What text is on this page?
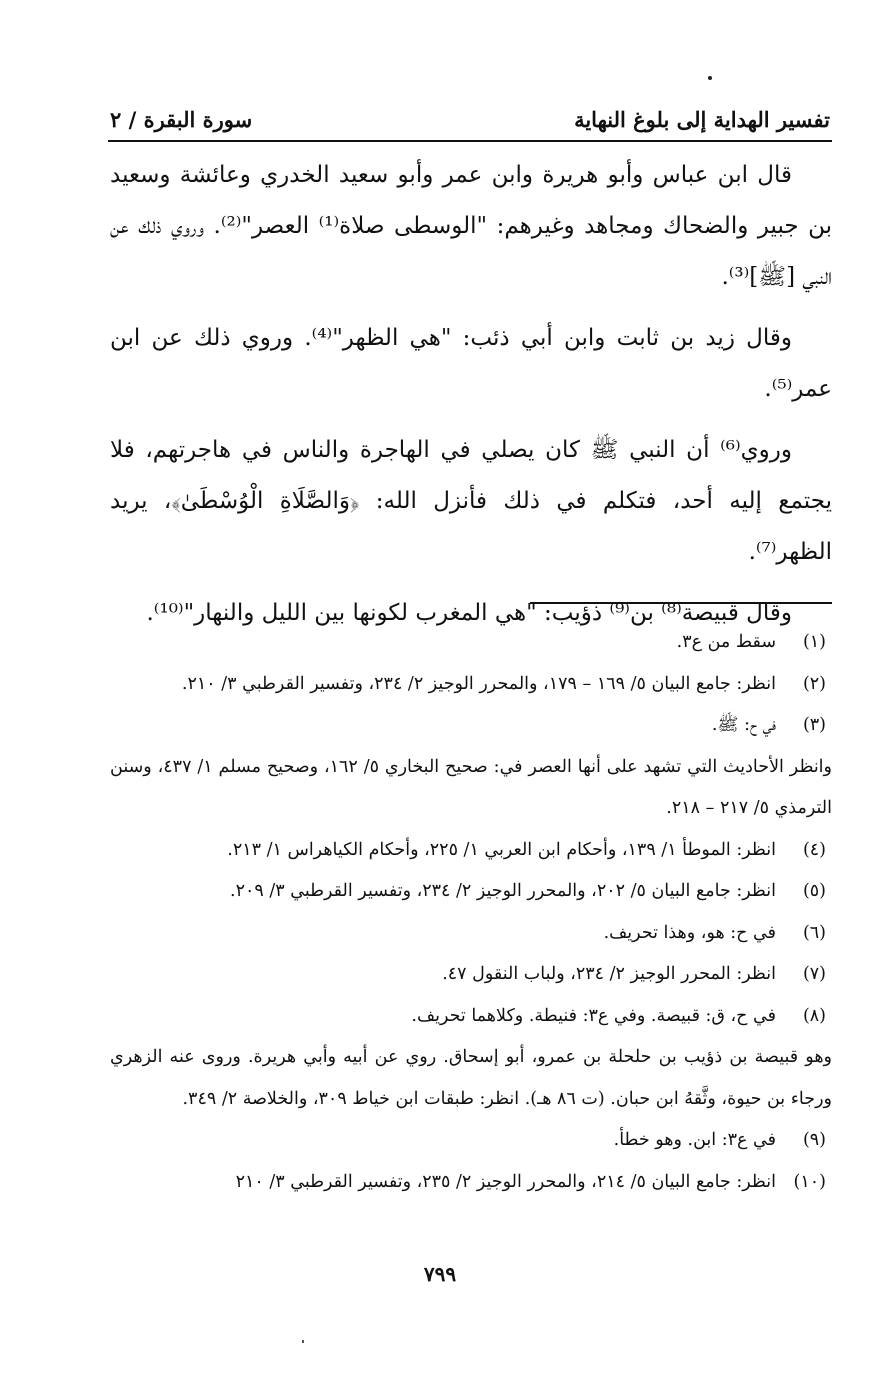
تفسير الهداية إلى بلوغ النهاية
سورة البقرة / ٢

قال ابن عباس وأبو هريرة وابن عمر وأبو سعيد الخدري وعائشة وسعيد بن جبير والضحاك ومجاهد وغيرهم: "الوسطى صلاة⁽¹⁾ العصر"⁽²⁾. وروي ذلك عن النبي [ﷺ]⁽³⁾.

وقال زيد بن ثابت وابن أبي ذئب: "هي الظهر"⁽⁴⁾. وروي ذلك عن ابن عمر⁽⁵⁾.

وروي⁽⁶⁾ أن النبي ﷺ كان يصلي في الهاجرة والناس في هاجرتهم، فلا يجتمع إليه أحد، فتكلم في ذلك فأنزل الله: ﴿وَالصَّلَاةِ الْوُسْطَىٰ﴾، يريد الظهر⁽⁷⁾.

وقال قبيصة⁽⁸⁾ بن⁽⁹⁾ ذؤيب: "هي المغرب لكونها بين الليل والنهار"⁽¹⁰⁾.

(١)
سقط من ع٣.
(٢)
انظر: جامع البيان ٥/ ١٦٩ – ١٧٩، والمحرر الوجيز ٢/ ٢٣٤، وتفسير القرطبي ٣/ ٢١٠.
(٣)
في ح: ﷺ.
وانظر الأحاديث التي تشهد على أنها العصر في: صحيح البخاري ٥/ ١٦٢، وصحيح مسلم ١/ ٤٣٧، وسنن الترمذي ٥/ ٢١٧ – ٢١٨.
(٤)
انظر: الموطأ ١/ ١٣٩، وأحكام ابن العربي ١/ ٢٢٥، وأحكام الكياهراس ١/ ٢١٣.
(٥)
انظر: جامع البيان ٥/ ٢٠٢، والمحرر الوجيز ٢/ ٢٣٤، وتفسير القرطبي ٣/ ٢٠٩.
(٦)
في ح: هو، وهذا تحريف.
(٧)
انظر: المحرر الوجيز ٢/ ٢٣٤، ولباب النقول ٤٧.
(٨)
في ح، ق: قبيصة. وفي ع٣: فنيطة. وكلاهما تحريف.
وهو قبيصة بن ذؤيب بن حلحلة بن عمرو، أبو إسحاق. روي عن أبيه وأبي هريرة. وروى عنه الزهري ورجاء بن حيوة، وثَّقهُ ابن حبان. (ت ٨٦ هـ). انظر: طبقات ابن خياط ٣٠٩، والخلاصة ٢/ ٣٤٩.
(٩)
في ع٣: ابن. وهو خطأ.
(١٠)
انظر: جامع البيان ٥/ ٢١٤، والمحرر الوجيز ٢/ ٢٣٥، وتفسير القرطبي ٣/ ٢١٠
٧٩٩
